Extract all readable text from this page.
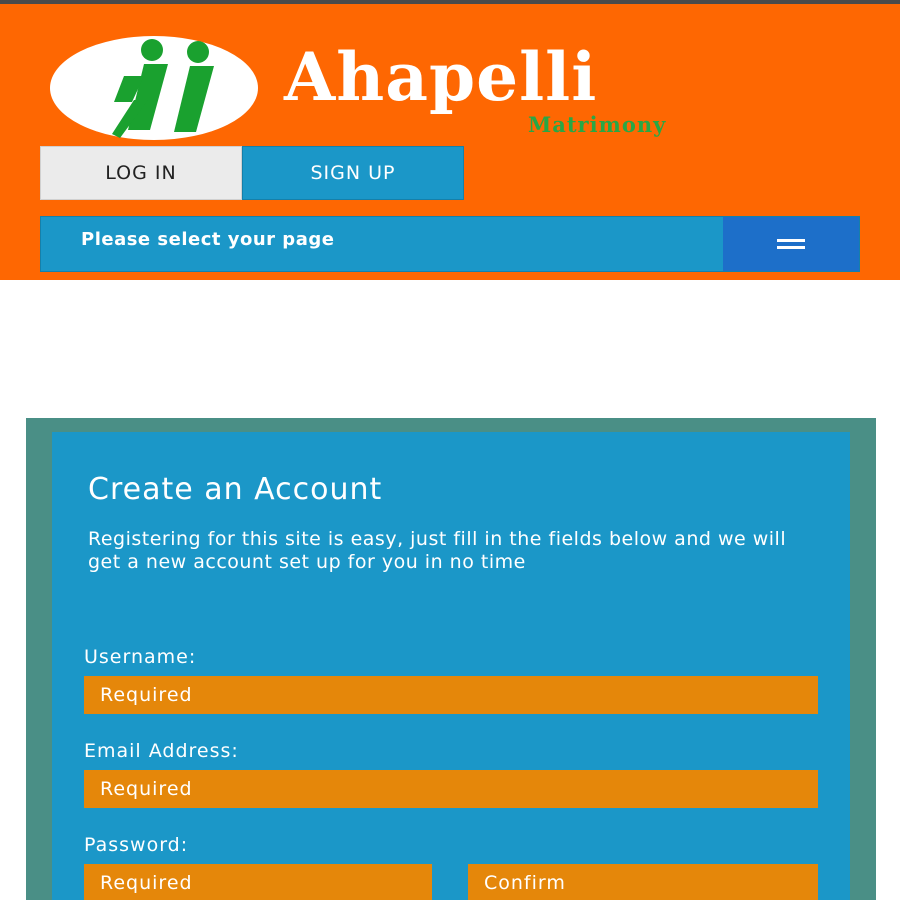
Ahapelli
Matrimony
LOG IN	SIGN UP
Please select your page
Create an Account
Registering for this site is easy, just fill in the fields below and we will get a new account set up for you in no time
Username:
Required
Email Address:
Required
Password:
